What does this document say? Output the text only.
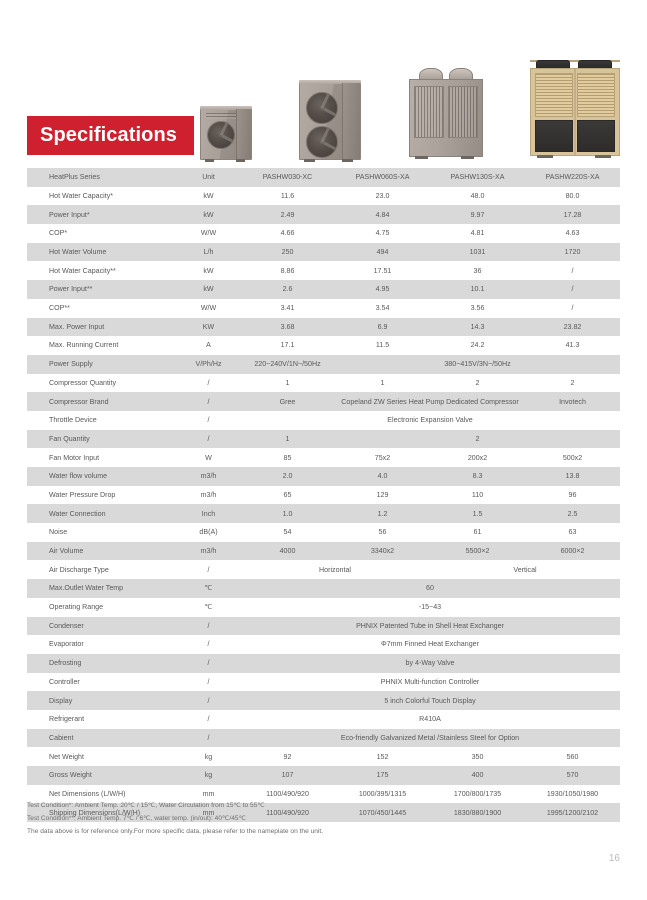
Specifications
HeatPlus Series	Unit	PASHW030-XC	PASHW060S-XA	PASHW130S-XA	PASHW220S-XA
Hot Water Capacity*	kW	11.6	23.0	48.0	80.0
Power Input*	kW	2.49	4.84	9.97	17.28
COP*	W/W	4.66	4.75	4.81	4.63
Hot Water Volume	L/h	250	494	1031	1720
Hot Water Capacity**	kW	8.86	17.51	36	/
Power Input**	kW	2.6	4.95	10.1	/
COP**	W/W	3.41	3.54	3.56	/
Max. Power Input	KW	3.68	6.9	14.3	23.82
Max. Running Current	A	17.1	11.5	24.2	41.3
Power Supply	V/Ph/Hz	220~240V/1N~/50Hz	380~415V/3N~/50Hz		
Compressor Quantity	/	1	1	2	2
Compressor Brand	/	Gree	Copeland ZW Series Heat Pump Dedicated Compressor		Invotech
Throttle Device	/	Electronic Expansion Valve			
Fan Quantity	/	1	2		
Fan Motor Input	W	85	75x2	200x2	500x2
Water flow volume	m3/h	2.0	4.0	8.3	13.8
Water Pressure Drop	m3/h	65	129	110	96
Water Connection	Inch	1.0	1.2	1.5	2.5
Noise	dB(A)	54	56	61	63
Air Volume	m3/h	4000	3340x2	5500×2	6000×2
Air Discharge Type	/	Horizontal		Vertical	
Max.Outlet Water Temp	℃	60			
Operating Range	℃	-15~43			
Condenser	/	PHNIX Patented Tube in Shell Heat Exchanger			
Evaporator	/	Φ7mm Finned Heat Exchanger			
Defrosting	/	by 4-Way Valve			
Controller	/	PHNIX Multi-function Controller			
Display	/	5 inch Colorful Touch Display			
Refrigerant	/	R410A			
Cabient	/	Eco-friendly Galvanized Metal /Stainless Steel for Option			
Net Weight	kg	92	152	350	560
Gross Weight	kg	107	175	400	570
Net Dimensions (L/W/H)	mm	1100/490/920	1000/395/1315	1700/800/1735	1930/1050/1980
Shipping Dimensions(L/W/H)	mm	1100/490/920	1070/450/1445	1830/880/1900	1995/1200/2102
Test Condition*: Ambient Temp. 20℃ / 15℃, Water Circulation from 15℃ to 55℃
Test Condition**: Ambient Temp. 7℃ / 6℃, water temp. (in/out): 40℃/45℃
The data above is for reference only.For more specific data, please refer to the nameplate on the unit.
16
